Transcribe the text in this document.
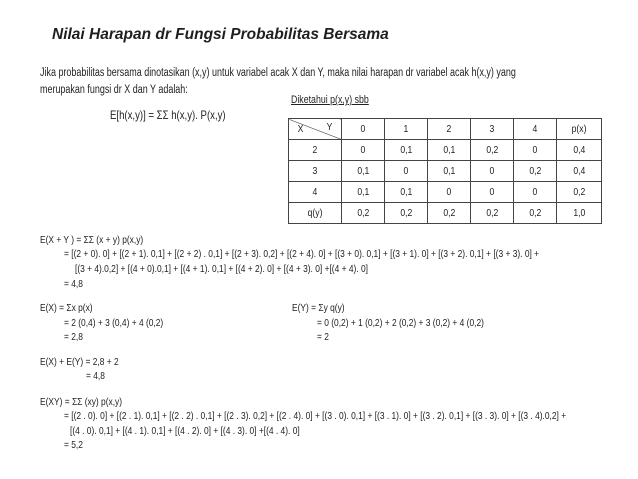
Nilai Harapan dr Fungsi Probabilitas Bersama
Jika probabilitas bersama dinotasikan (x,y) untuk variabel acak X dan Y, maka nilai harapan dr variabel acak h(x,y) yang
merupakan fungsi dr X dan Y adalah:
E[h(x,y)] = ΣΣ h(x,y). P(x,y)
Diketahui p(x,y) sbb
X Y	0	1	2	3	4	p(x)
2	0	0,1	0,1	0,2	0	0,4
3	0,1	0	0,1	0	0,2	0,4
4	0,1	0,1	0	0	0	0,2
q(y)	0,2	0,2	0,2	0,2	0,2	1,0
E(X + Y ) = ΣΣ (x + y) p(x,y)
= [(2 + 0). 0] + [(2 + 1). 0,1] + [(2 + 2) . 0,1] + [(2 + 3). 0,2] + [(2 + 4). 0] + [(3 + 0). 0,1] + [(3 + 1). 0] + [(3 + 2). 0,1] + [(3 + 3). 0] +
[(3 + 4).0,2] + [(4 + 0).0,1] + [(4 + 1). 0,1] + [(4 + 2). 0] + [(4 + 3). 0] +[(4 + 4). 0]
= 4,8
E(X) = Σx p(x)
= 2 (0,4) + 3 (0,4) + 4 (0,2)
= 2,8
E(Y) = Σy q(y)
= 0 (0,2) + 1 (0,2) + 2 (0,2) + 3 (0,2) + 4 (0,2)
= 2
E(X) + E(Y) = 2,8 + 2
= 4,8
E(XY) = ΣΣ (xy) p(x,y)
= [(2 . 0). 0] + [(2 . 1). 0,1] + [(2 . 2) . 0,1] + [(2 . 3). 0,2] + [(2 . 4). 0] + [(3 . 0). 0,1] + [(3 . 1). 0] + [(3 . 2). 0,1] + [(3 . 3). 0] + [(3 . 4).0,2] +
[(4 . 0). 0,1] + [(4 . 1). 0,1] + [(4 . 2). 0] + [(4 . 3). 0] +[(4 . 4). 0]
= 5,2
